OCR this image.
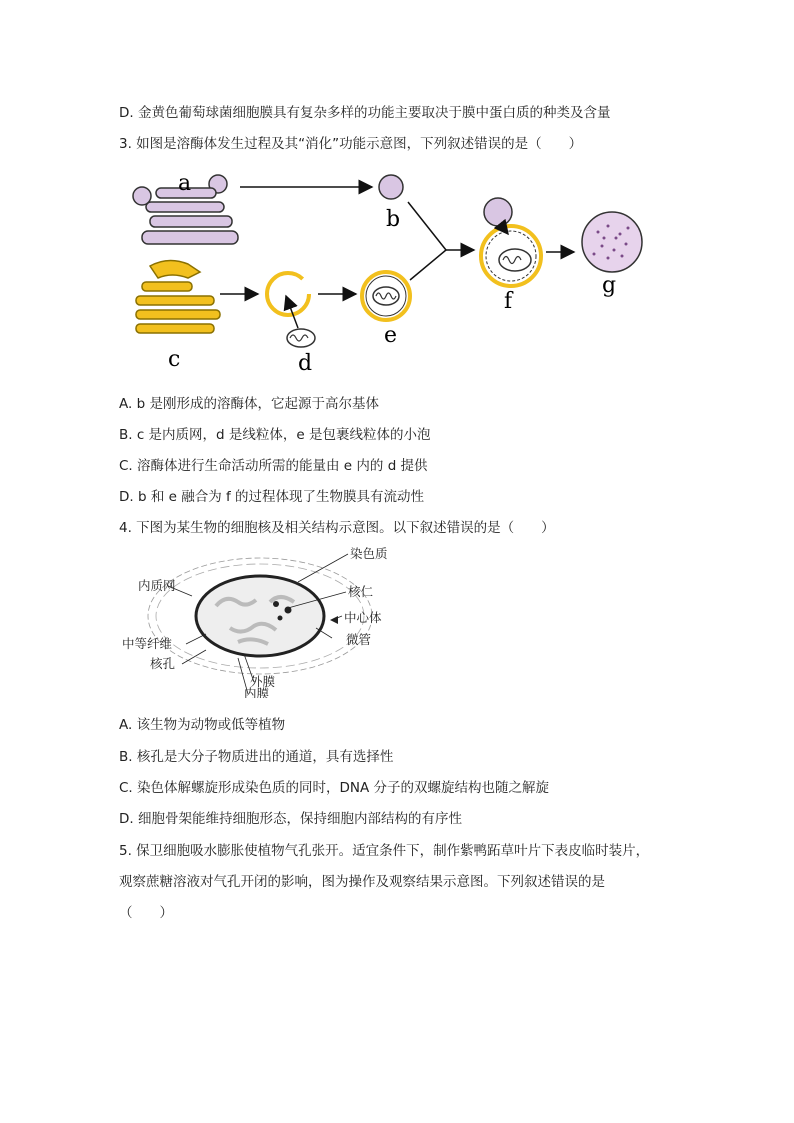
D. 金黄色葡萄球菌细胞膜具有复杂多样的功能主要取决于膜中蛋白质的种类及含量
3. 如图是溶酶体发生过程及其“消化”功能示意图，下列叙述错误的是（　　）
a
b
c	d
e
f
g
A. b 是刚形成的溶酶体，它起源于高尔基体
B. c 是内质网，d 是线粒体，e 是包裹线粒体的小泡
C. 溶酶体进行生命活动所需的能量由 e 内的 d 提供
D. b 和 e 融合为 f 的过程体现了生物膜具有流动性
4. 下图为某生物的细胞核及相关结构示意图。以下叙述错误的是（　　）
染色质
核仁
中心体
微管
内质网
中等纤维
核孔
外膜
内膜
A. 该生物为动物或低等植物
B. 核孔是大分子物质进出的通道，具有选择性
C. 染色体解螺旋形成染色质的同时，DNA 分子的双螺旋结构也随之解旋
D. 细胞骨架能维持细胞形态，保持细胞内部结构的有序性
5. 保卫细胞吸水膨胀使植物气孔张开。适宜条件下，制作紫鸭跖草叶片下表皮临时装片，
观察蔗糖溶液对气孔开闭的影响，图为操作及观察结果示意图。下列叙述错误的是
（　　）
